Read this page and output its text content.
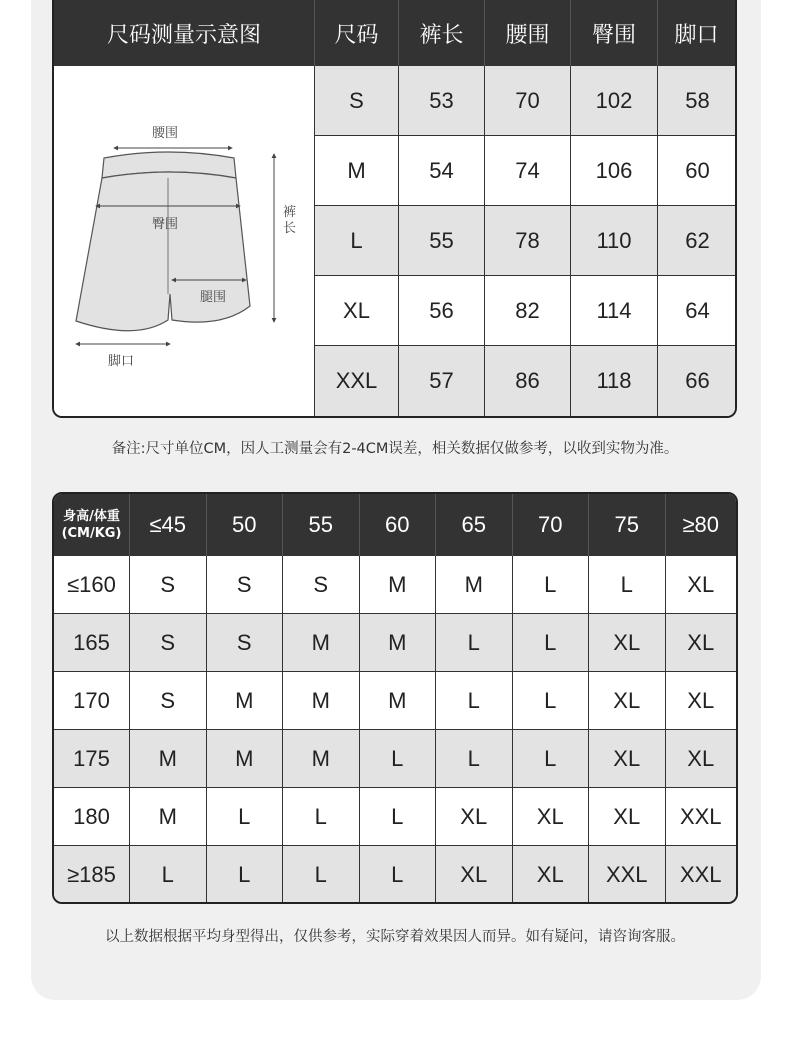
尺码测量示意图	尺码	裤长	腰围	臀围	脚口
腰围
臀围
腿围
脚口
裤
长
S	53	70	102	58
M	54	74	106	60
L	55	78	110	62
XL	56	82	114	64
XXL	57	86	118	66
备注:尺寸单位CM，因人工测量会有2-4CM误差，相关数据仅做参考，以收到实物为准。
身高/体重
(CM/KG)	≤45	50	55	60	65	70	75	≥80
≤160	S	S	S	M	M	L	L	XL
165	S	S	M	M	L	L	XL	XL
170	S	M	M	M	L	L	XL	XL
175	M	M	M	L	L	L	XL	XL
180	M	L	L	L	XL	XL	XL	XXL
≥185	L	L	L	L	XL	XL	XXL	XXL
以上数据根据平均身型得出，仅供参考，实际穿着效果因人而异。如有疑问，请咨询客服。
